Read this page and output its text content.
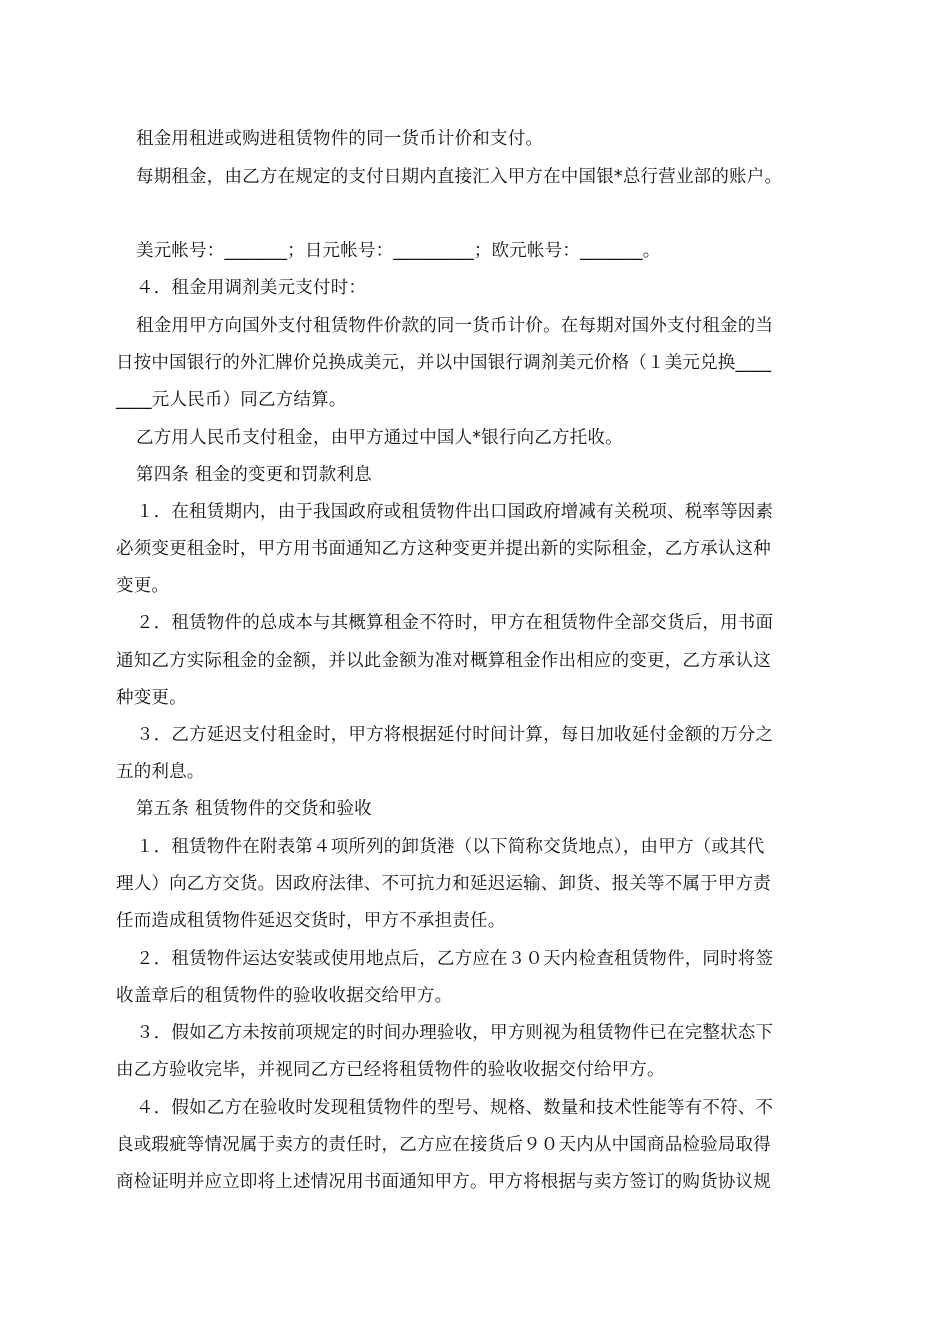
租金用租进或购进租赁物件的同一货币计价和支付。
每期租金，由乙方在规定的支付日期内直接汇入甲方在中国银*总行营业部的账户。
美元帐号：_______；日元帐号：_________；欧元帐号：_______。
４．租金用调剂美元支付时：
租金用甲方向国外支付租赁物件价款的同一货币计价。在每期对国外支付租金的当
日按中国银行的外汇牌价兑换成美元，并以中国银行调剂美元价格（１美元兑换____
____元人民币）同乙方结算。
乙方用人民币支付租金，由甲方通过中国人*银行向乙方托收。
第四条 租金的变更和罚款利息
１．在租赁期内，由于我国政府或租赁物件出口国政府增减有关税项、税率等因素
必须变更租金时，甲方用书面通知乙方这种变更并提出新的实际租金，乙方承认这种
变更。
２．租赁物件的总成本与其概算租金不符时，甲方在租赁物件全部交货后，用书面
通知乙方实际租金的金额，并以此金额为准对概算租金作出相应的变更，乙方承认这
种变更。
３．乙方延迟支付租金时，甲方将根据延付时间计算，每日加收延付金额的万分之
五的利息。
第五条 租赁物件的交货和验收
１．租赁物件在附表第４项所列的卸货港（以下简称交货地点），由甲方（或其代
理人）向乙方交货。因政府法律、不可抗力和延迟运输、卸货、报关等不属于甲方责
任而造成租赁物件延迟交货时，甲方不承担责任。
２．租赁物件运达安装或使用地点后，乙方应在３０天内检查租赁物件，同时将签
收盖章后的租赁物件的验收收据交给甲方。
３．假如乙方未按前项规定的时间办理验收，甲方则视为租赁物件已在完整状态下
由乙方验收完毕，并视同乙方已经将租赁物件的验收收据交付给甲方。
４．假如乙方在验收时发现租赁物件的型号、规格、数量和技术性能等有不符、不
良或瑕疵等情况属于卖方的责任时，乙方应在接货后９０天内从中国商品检验局取得
商检证明并应立即将上述情况用书面通知甲方。甲方将根据与卖方签订的购货协议规
